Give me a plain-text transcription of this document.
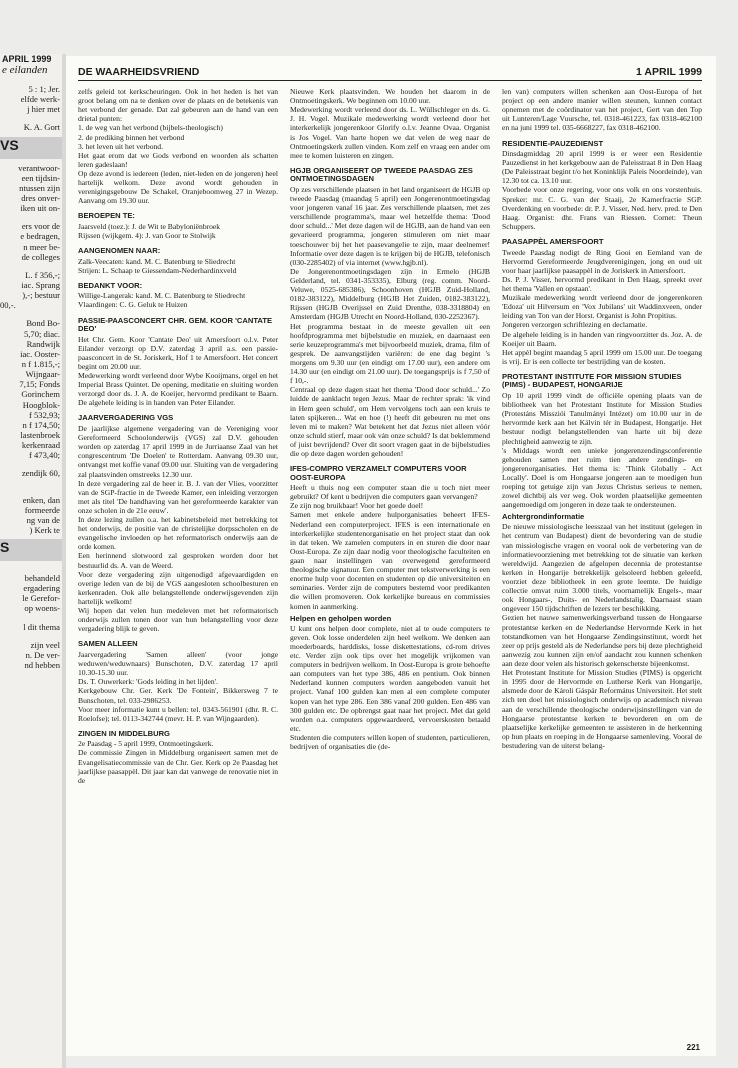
APRIL 1999
e eilanden
5 : 1; Jer.
elfde werk-
j hier met
K. A. Gort
VS
verantwoor-
een tijdsin-
ntussen zijn
dres onver-
iken uit on-
ers voor de
e bedragen,
n meer be-
de colleges
L. f 356,-;
iac. Sprang
),-; bestuur
00,-.
Bond Bo-
5,70; diac.
Randwijk
iac. Ooster-
n f 1.815,-;
Wijngaar-
7,15; Fonds
Gorinchem
Hoogblok-
f 532,93;
n f 174,50;
lastenbroek
kerkenraad
f 473,40;
zendijk 60,
enken, dan
formeerde
ng van de
) Kerk te
S
behandeld
ergadering
le Gerefor-
op woens-
l dit thema
zijn veel
n. De ver-
nd hebben
DE WAARHEIDSVRIEND	1 APRIL 1999

zelfs geleid tot kerkscheuringen. Ook in het heden is het van groot belang om na te denken over de plaats en de betekenis van het verbond der genade. Dat zal gebeuren aan de hand van een drietal punten:

1. de weg van het verbond (bijbels-theologisch)

2. de prediking binnen het verbond

3. het leven uit het verbond.

Het gaat erom dat we Gods verbond en woorden als schatten leren gadeslaan!

Op deze avond is iedereen (leden, niet-leden en de jongeren) heel hartelijk welkom. Deze avond wordt gehouden in verenigingsgebouw De Schakel, Oranjeboomweg 27 in Wezep. Aanvang om 19.30 uur.

BEROEPEN TE:

Jaarsveld (toez.): J. de Wit te Babyloniënbroek

Rijssen (wijkgem. 4): J. van Goor te Stolwijk

AANGENOMEN NAAR:

Zalk-Veecaten: kand. M. C. Batenburg te Sliedrecht

Strijen: L. Schaap te Giessendam-Nederhardinxveld

BEDANKT VOOR:

Willige-Langerak: kand. M. C. Batenburg te Sliedrecht

Vlaardingen: C. G. Geluk te Huizen

PASSIE-PAASCONCERT CHR. GEM. KOOR 'CANTATE DEO'

Het Chr. Gem. Koor 'Cantate Deo' uit Amersfoort o.l.v. Peter Eilander verzorgt op D.V. zaterdag 3 april a.s. een passie-paasconcert in de St. Joriskerk, Hof 1 te Amersfoort. Het concert begint om 20.00 uur.

Medewerking wordt verleend door Wybe Kooijmans, orgel en het Imperial Brass Quintet. De opening, meditatie en sluiting worden verzorgd door ds. J. A. de Koeijer, hervormd predikant te Baarn. De algehele leiding is in handen van Peter Eilander.

JAARVERGADERING VGS

De jaarlijkse algemene vergadering van de Vereniging voor Gereformeerd Schoolonderwijs (VGS) zal D.V. gehouden worden op zaterdag 17 april 1999 in de Jurriaanse Zaal van het congrescentrum 'De Doelen' te Rotterdam. Aanvang 09.30 uur, ontvangst met koffie vanaf 09.00 uur. Sluiting van de vergadering zal plaatsvinden omstreeks 12.30 uur.

In deze vergadering zal de heer ir. B. J. van der Vlies, voorzitter van de SGP-fractie in de Tweede Kamer, een inleiding verzorgen met als titel 'De handhaving van het gereformeerde karakter van onze scholen in de 21e eeuw'.

In deze lezing zullen o.a. het kabinetsbeleid met betrekking tot het onderwijs, de positie van de christelijke dorpsscholen en de evangelische invloeden op het reformatorisch onderwijs aan de orde komen.

Een herinnend slotwoord zal gesproken worden door het bestuurlid ds. A. van de Weerd.

Voor deze vergadering zijn uitgenodigd afgevaardigden en overige leden van de bij de VGS aangesloten schoolbesturen en kerkenraden. Ook alle belangstellende onderwijsgevenden zijn hartelijk welkom!

Wij hopen dat velen hun medeleven met het reformatorisch onderwijs zullen tonen door van hun belangstelling voor deze vergadering blijk te geven.

SAMEN ALLEEN

Jaarvergadering 'Samen alleen' (voor jonge weduwen/weduwnaars) Bunschoten, D.V. zaterdag 17 april 10.30-15.30 uur.

Ds. T. Ouwerkerk: 'Gods leiding in het lijden'.

Kerkgebouw Chr. Ger. Kerk 'De Fontein', Bikkersweg 7 te Bunschoten, tel. 033-2986253.

Voor meer informatie kunt u bellen: tel. 0343-561901 (dhr. R. C. Roelofse); tel. 0113-342744 (mevr. H. P. van Wijngaarden).

ZINGEN IN MIDDELBURG

2e Paasdag - 5 april 1999, Ontmoetingskerk.

De commissie Zingen in Middelburg organiseert samen met de Evangelisatiecommissie van de Chr. Ger. Kerk op 2e Paasdag het jaarlijkse paasappèl. Dit jaar kan dat vanwege de renovatie niet in de

Nieuwe Kerk plaatsvinden. We houden het daarom in de Ontmoetingskerk. We beginnen om 10.00 uur.

Medewerking wordt verleend door ds. L. Wüllschleger en ds. G. J. H. Vogel. Muzikale medewerking wordt verleend door het interkerkelijk jongerenkoor Glorify o.l.v. Jeanne Ovaa. Organist is Jos Vogel. Van harte hopen we dat velen de weg naar de Ontmoetingskerk zullen vinden. Kom zelf en vraag een ander om mee te komen luisteren en zingen.

HGJB ORGANISEERT OP TWEEDE PAASDAG ZES ONTMOETINGSDAGEN

Op zes verschillende plaatsen in het land organiseert de HGJB op tweede Paasdag (maandag 5 april) een Jongerenontmoetingsdag voor jongeren vanaf 16 jaar. Zes verschillende plaatsen, met zes verschillende programma's, maar wel hetzelfde thema: 'Dood door schuld...' Met deze dagen wil de HGJB, aan de hand van een gevarieerd programma, jongeren stimuleren om niet maar toeschouwer bij het het paasevangelie te zijn, maar deelnemer! Informatie over deze dagen is te krijgen bij de HGJB, telefonisch (030-2285402) of via internet (www.hgjb.nl).

De Jongerenontmoetingsdagen zijn in Ermelo (HGJB Gelderland, tel. 0341-353335), Elburg (reg. comm. Noord-Veluwe, 0525-685386), Schoonhoven (HGJB Zuid-Holland, 0182-383122), Middelburg (HGJB Het Zuiden, 0182-383122), Rijssen (HGJB Overijssel en Zuid Drenthe, 038-3318804) en Amsterdam (HGJB Utrecht en Noord-Holland, 030-2252367).

Het programma bestaat in de meeste gevallen uit een hoofdprogramma met bijbelstudie en muziek, en daarnaast een serie keuzeprogramma's met bijvoorbeeld muziek, drama, film of gesprek. De aanvangstijden variëren: de ene dag begint 's morgens om 9.30 uur (en eindigt om 17.00 uur), een andere om 14.30 uur (en eindigt om 21.00 uur). De toegangsprijs is f 7,50 of f 10,-.

Centraal op deze dagen staat het thema 'Dood door schuld...' Zo luidde de aanklacht tegen Jezus. Maar de rechter sprak: 'ik vind in Hem geen schuld', om Hem vervolgens toch aan een kruis te laten spijkeren... Wat en hoe (!) heeft dit gebeuren nu met ons leven mi te maken? Wat betekent het dat Jezus niet alleen vóór onze schuld stierf, maar ook ván onze schuld? Is dat beklemmend of juist bevrijdend? Over dit soort vragen gaat in de bijbelstudies die op deze dagen worden gehouden!

IFES-COMPRO VERZAMELT COMPUTERS VOOR OOST-EUROPA

Heeft u thuis nog een computer staan die u toch niet meer gebruikt? Of kent u bedrijven die computers gaan vervangen?

Ze zijn nog bruikbaar! Voor het goede doel!

Samen met enkele andere hulporganisaties beheert IFES-Nederland een computerproject. IFES is een internationale en interkerkelijke studentenorganisatie en het project staat dan ook in dat teken. We zamelen computers in en sturen die door naar Oost-Europa. Ze zijn daar nodig voor theologische faculteiten en gaan naar instellingen van overwegend gereformeerd theologische signatuur. Een computer met tekstverwerking is een enorme hulp voor docenten en studenten op die universiteiten en seminaries. Verder zijn de computers bestemd voor predikanten die willen promoveren. Ook kerkelijke bureaus en commissies komen in aanmerking.

Helpen en geholpen worden

U kunt ons helpen door complete, niet al te oude computers te geven. Ook losse onderdelen zijn heel welkom. We denken aan moederboards, harddisks, losse diskettestations, cd-rom drives etc. Verder zijn ook tips over het mogelijk vrijkomen van computers in bedrijven welkom. In Oost-Europa is grote behoefte aan computers van het type 386, 486 en pentium. Ook binnen Nederland kunnen computers worden aangeboden vanuit het project. Vanaf 100 gulden kan men al een complete computer kopen van het type 286. Een 386 vanaf 200 gulden. Een 486 van 300 gulden etc. De opbrengst gaat naar het project. Met dat geld worden o.a. computers opgewaardeerd, vervoerskosten betaald etc.

Studenten die computers willen kopen of studenten, particulieren, bedrijven of organisaties die (de-

len van) computers willen schenken aan Oost-Europa of het project op een andere manier willen steunen, kunnen contact opnemen met de coördinator van het project, Gert van den Top uit Lunteren/Lage Vuursche, tel. 0318-461223, fax 0318-462100 en na juni 1999 tel. 035-6668227, fax 0318-462100.

RESIDENTIE-PAUZEDIENST

Dinsdagmiddag 20 april 1999 is er weer een Residentie Pauzedienst in het kerkgebouw aan de Paleisstraat 8 in Den Haag (De Paleisstraat begint t/o het Koninklijk Paleis Noordeinde), van 12.30 tot ca. 13.10 uur.

Voorbede voor onze regering, voor ons volk en ons vorstenhuis. Spreker: mr. C. G. van der Staaij, 2e Kamerfractie SGP. Overdenking en voorbede: dr. P. J. Visser, Ned. herv. pred. te Den Haag. Organist: dhr. Frans van Riessen. Cornet: Theun Schuppers.

PAASAPPÈL AMERSFOORT

Tweede Paasdag nodigt de Ring Gooi en Eemland van de Hervormd Gereformeerde Jeugdverenigingen, jong en oud uit voor haar jaarlijkse paasappèl in de Joriskerk in Amersfoort.

Ds. P. J. Visser, hervormd predikant in Den Haag, spreekt over het thema 'Vallen en opstaan'.

Muzikale medewerking wordt verleend door de jongerenkoren 'Edoza' uit Hilversum en 'Vox Jubilans' uit Waddinxveen, onder leiding van Ton van der Horst. Organist is John Propitius.

Jongeren verzorgen schriftlezing en declamatie.

De algehele leiding is in handen van ringvoorzitter ds. Joz. A. de Koeijer uit Baarn.

Het appèl begint maandag 5 april 1999 om 15.00 uur. De toegang is vrij. Er is een collecte ter bestrijding van de kosten.

PROTESTANT INSTITUTE FOR MISSION STUDIES (PIMS) - BUDAPEST, HONGARIJE

Op 10 april 1999 vindt de officiële opening plaats van de bibliotheek van het Protestant Institute for Mission Studies (Protestáns Missziói Tanulmányi Intézet) om 10.00 uur in de hervormde kerk aan het Kálvin tér in Budapest, Hongarije. Het bestuur nodigt belangstellenden van harte uit bij deze plechtigheid aanwezig te zijn.

's Middags wordt een unieke jongerenzendingsconferentie gehouden samen met ruim tien andere zendings- en jongerenorganisaties. Het thema is: 'Think Globally - Act Locally'. Doel is om Hongaarse jongeren aan te moedigen hun roeping tot getuige zijn van Jezus Christus serieus te nemen, zowel dichtbij als ver weg. Ook worden plaatselijke gemeenten aangemoedigd om jongeren in deze taak te ondersteunen.

Achtergrondinformatie

De nieuwe missiologische leesszaal van het instituut (gelegen in het centrum van Budapest) dient de bevordering van de studie van missiologische vragen en vooral ook de verbetering van de informatievoorziening met betrekking tot de situatie van kerken wereldwijd. Aangezien de afgelopen decennia de protestantse kerken in Hongarije betrekkelijk geïsoleerd hebben geleefd, voorziet deze bibliotheek in een grote leemte. De huidige collectie omvat ruim 3.000 titels, voornamelijk Engels-, maar ook Hongaars-, Duits- en Nederlandstalig. Daarnaast staan ongeveer 150 tijdschriften de lezers ter beschikking.

Gezien het nauwe samenwerkingsverband tussen de Hongaarse protestantse kerken en de Nederlandse Hervormde Kerk in het totstandkomen van het Hongaarse Zendingsinstituut, wordt het zeer op prijs gesteld als de Nederlandse pers bij deze plechtigheid aanwezig zou kunnen zijn en/of aandacht zou kunnen schenken aan deze door velen als historisch gekenschetste bijeenkomst.

Het Protestant Institute for Mission Studies (PIMS) is opgericht in 1995 door de Hervormde en Lutherse Kerk van Hongarije, alsmede door de Károli Gáspár Református Universiteit. Het stelt zich ten doel het missiologisch onderwijs op academisch niveau aan de verschillende theologische onderwijsinstellingen van de Hongaarse protestantse kerken te bevorderen en om de plaatselijke kerkelijke gemeenten te assisteren in de herkenning op hun plaats en roeping in de Hongaarse samenleving. Vooral de bestudering van de uiterst belang-

221
